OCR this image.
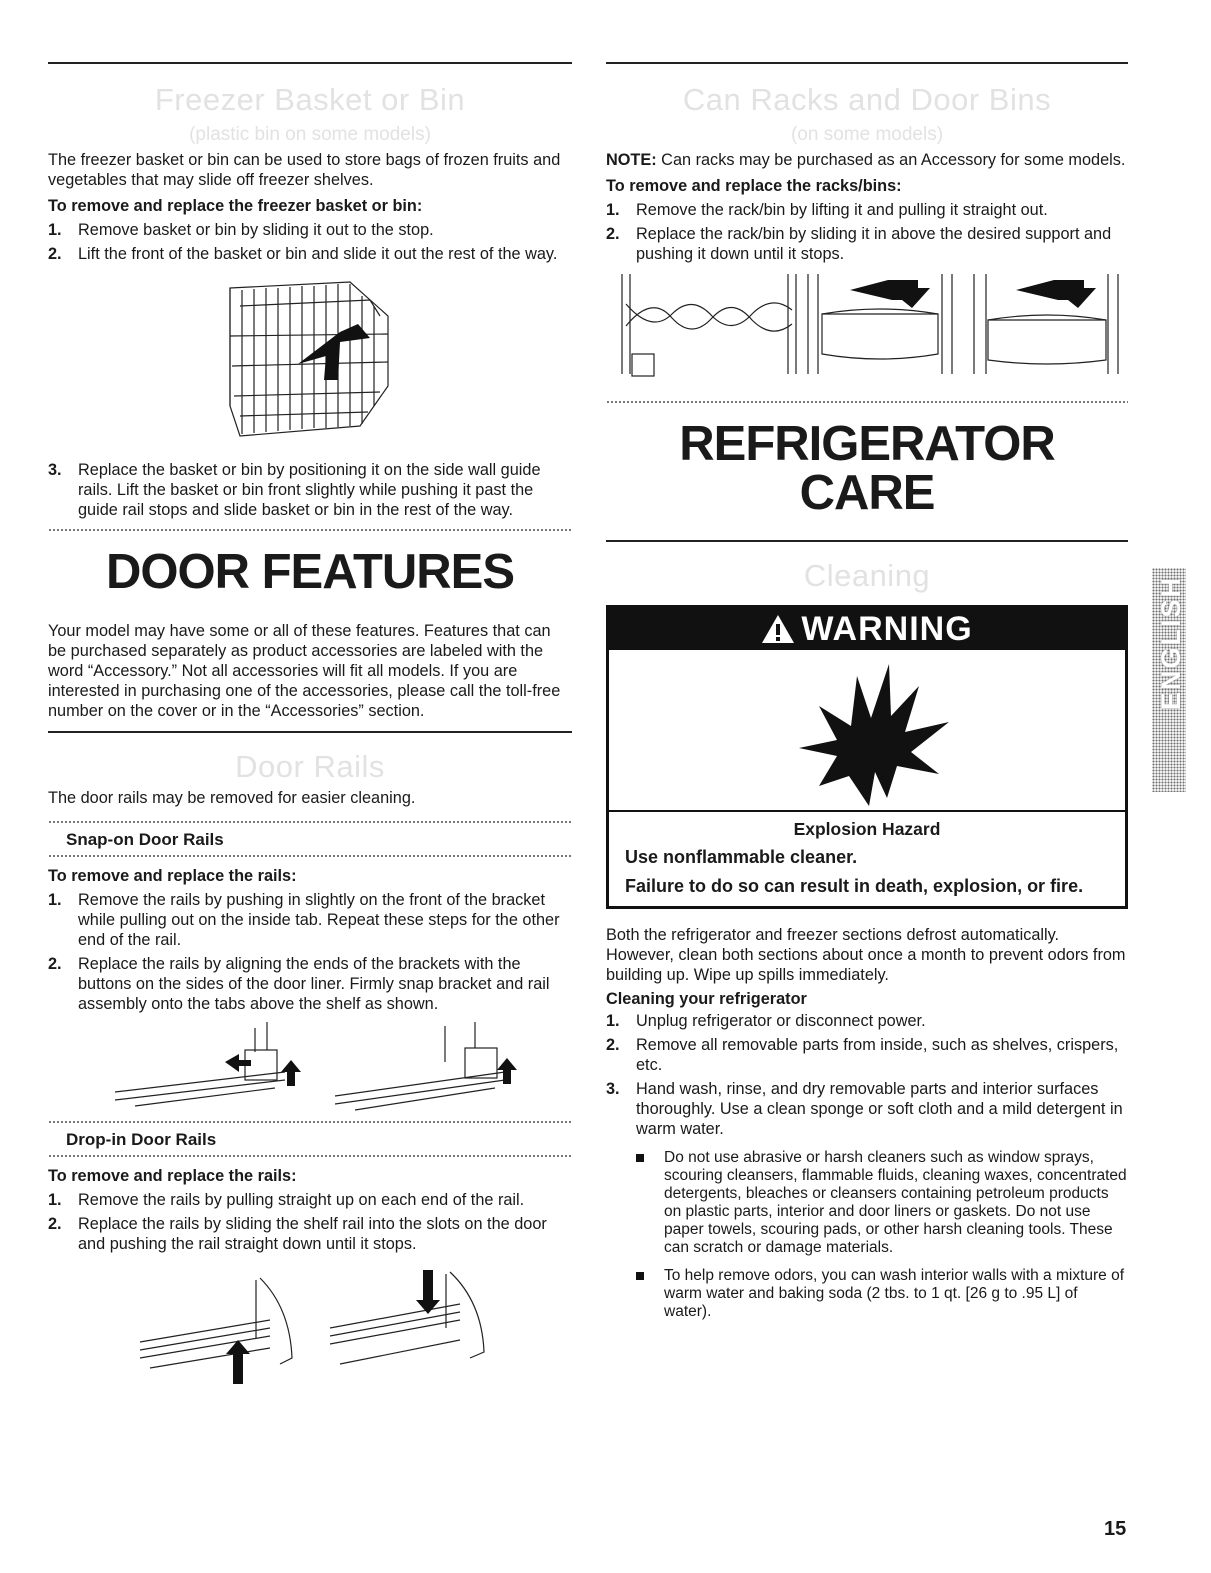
Freezer Basket or Bin
(plastic bin on some models)

The freezer basket or bin can be used to store bags of frozen fruits and vegetables that may slide off freezer shelves.

To remove and replace the freezer basket or bin:
1. Remove basket or bin by sliding it out to the stop.
2. Lift the front of the basket or bin and slide it out the rest of the way.
3. Replace the basket or bin by positioning it on the side wall guide rails. Lift the basket or bin front slightly while pushing it past the guide rail stops and slide basket or bin in the rest of the way.
DOOR FEATURES

Your model may have some or all of these features. Features that can be purchased separately as product accessories are labeled with the word “Accessory.” Not all accessories will fit all models. If you are interested in purchasing one of the accessories, please call the toll-free number on the cover or in the “Accessories” section.

Door Rails

The door rails may be removed for easier cleaning.

Snap-on Door Rails
To remove and replace the rails:
1. Remove the rails by pushing in slightly on the front of the bracket while pulling out on the inside tab. Repeat these steps for the other end of the rail.
2. Replace the rails by aligning the ends of the brackets with the buttons on the sides of the door liner. Firmly snap bracket and rail assembly onto the tabs above the shelf as shown.
Drop-in Door Rails
To remove and replace the rails:
1. Remove the rails by pulling straight up on each end of the rail.
2. Replace the rails by sliding the shelf rail into the slots on the door and pushing the rail straight down until it stops.
Can Racks and Door Bins
(on some models)

NOTE: Can racks may be purchased as an Accessory for some models.

To remove and replace the racks/bins:
1. Remove the rack/bin by lifting it and pulling it straight out.
2. Replace the rack/bin by sliding it in above the desired support and pushing it down until it stops.
REFRIGERATOR CARE
Cleaning
WARNING
Explosion Hazard
Use nonflammable cleaner.
Failure to do so can result in death, explosion, or fire.

Both the refrigerator and freezer sections defrost automatically. However, clean both sections about once a month to prevent odors from building up. Wipe up spills immediately.

Cleaning your refrigerator
1. Unplug refrigerator or disconnect power.
2. Remove all removable parts from inside, such as shelves, crispers, etc.
3. Hand wash, rinse, and dry removable parts and interior surfaces thoroughly. Use a clean sponge or soft cloth and a mild detergent in warm water.
Do not use abrasive or harsh cleaners such as window sprays, scouring cleansers, flammable fluids, cleaning waxes, concentrated detergents, bleaches or cleansers containing petroleum products on plastic parts, interior and door liners or gaskets. Do not use paper towels, scouring pads, or other harsh cleaning tools. These can scratch or damage materials.
To help remove odors, you can wash interior walls with a mixture of warm water and baking soda (2 tbs. to 1 qt. [26 g to .95 L] of water).
ENGLISH
15
